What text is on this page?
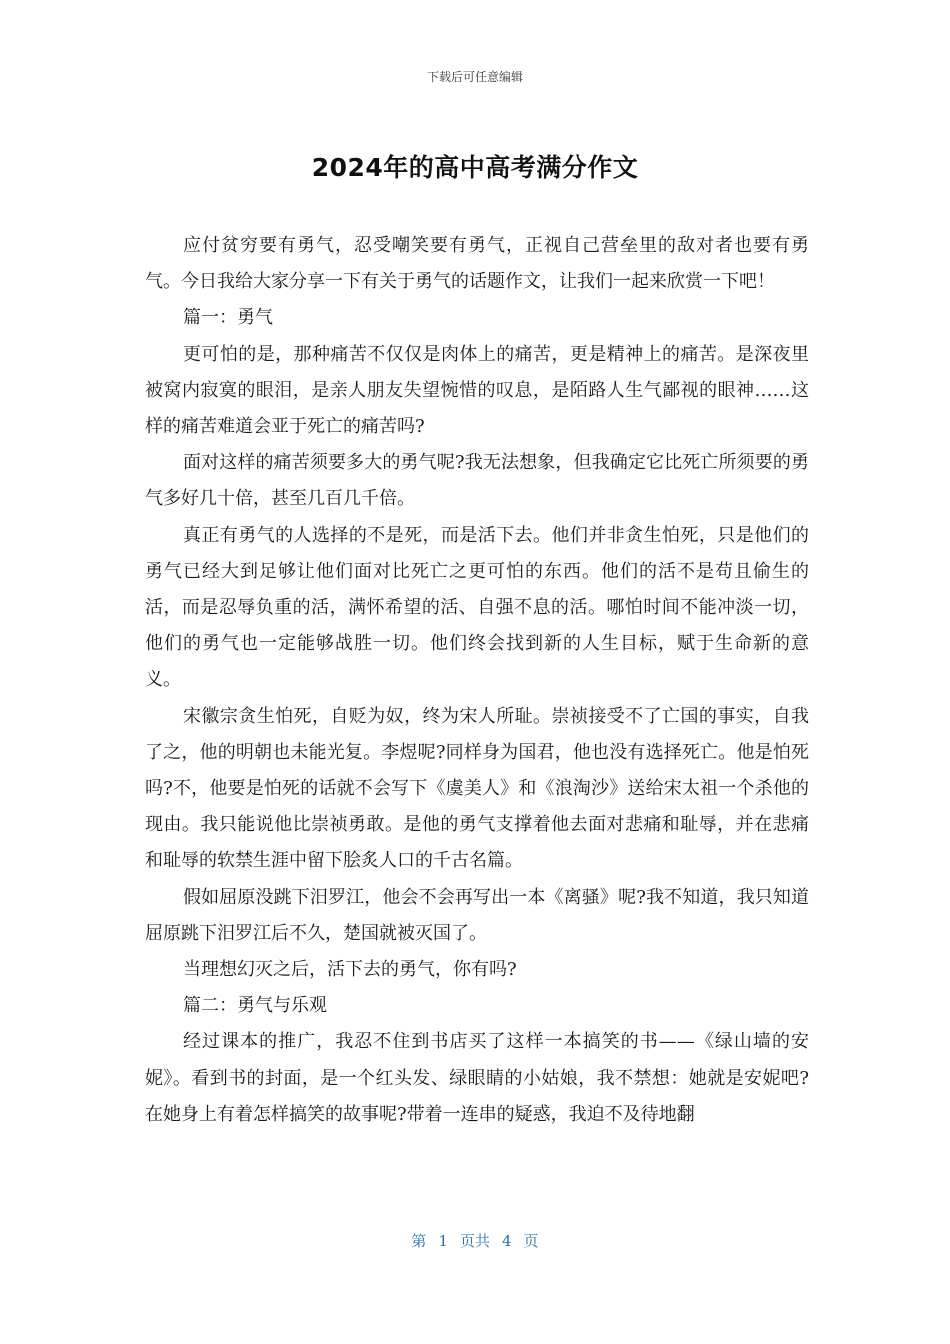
下载后可任意编辑
2024年的高中高考满分作文

应付贫穷要有勇气，忍受嘲笑要有勇气，正视自己营垒里的敌对者也要有勇气。今日我给大家分享一下有关于勇气的话题作文，让我们一起来欣赏一下吧！

篇一：勇气

更可怕的是，那种痛苦不仅仅是肉体上的痛苦，更是精神上的痛苦。是深夜里被窝内寂寞的眼泪，是亲人朋友失望惋惜的叹息，是陌路人生气鄙视的眼神……这样的痛苦难道会亚于死亡的痛苦吗?

面对这样的痛苦须要多大的勇气呢?我无法想象，但我确定它比死亡所须要的勇气多好几十倍，甚至几百几千倍。

真正有勇气的人选择的不是死，而是活下去。他们并非贪生怕死，只是他们的勇气已经大到足够让他们面对比死亡之更可怕的东西。他们的活不是苟且偷生的活，而是忍辱负重的活，满怀希望的活、自强不息的活。哪怕时间不能冲淡一切，他们的勇气也一定能够战胜一切。他们终会找到新的人生目标，赋于生命新的意义。

宋徽宗贪生怕死，自贬为奴，终为宋人所耻。崇祯接受不了亡国的事实，自我了之，他的明朝也未能光复。李煜呢?同样身为国君，他也没有选择死亡。他是怕死吗?不，他要是怕死的话就不会写下《虞美人》和《浪淘沙》送给宋太祖一个杀他的现由。我只能说他比崇祯勇敢。是他的勇气支撑着他去面对悲痛和耻辱，并在悲痛和耻辱的软禁生涯中留下脍炙人口的千古名篇。

假如屈原没跳下汨罗江，他会不会再写出一本《离骚》呢?我不知道，我只知道屈原跳下汨罗江后不久，楚国就被灭国了。

当理想幻灭之后，活下去的勇气，你有吗?

篇二：勇气与乐观

经过课本的推广，我忍不住到书店买了这样一本搞笑的书——《绿山墙的安妮》。看到书的封面，是一个红头发、绿眼睛的小姑娘，我不禁想：她就是安妮吧?在她身上有着怎样搞笑的故事呢?带着一连串的疑惑，我迫不及待地翻

第 1 页共 4 页
